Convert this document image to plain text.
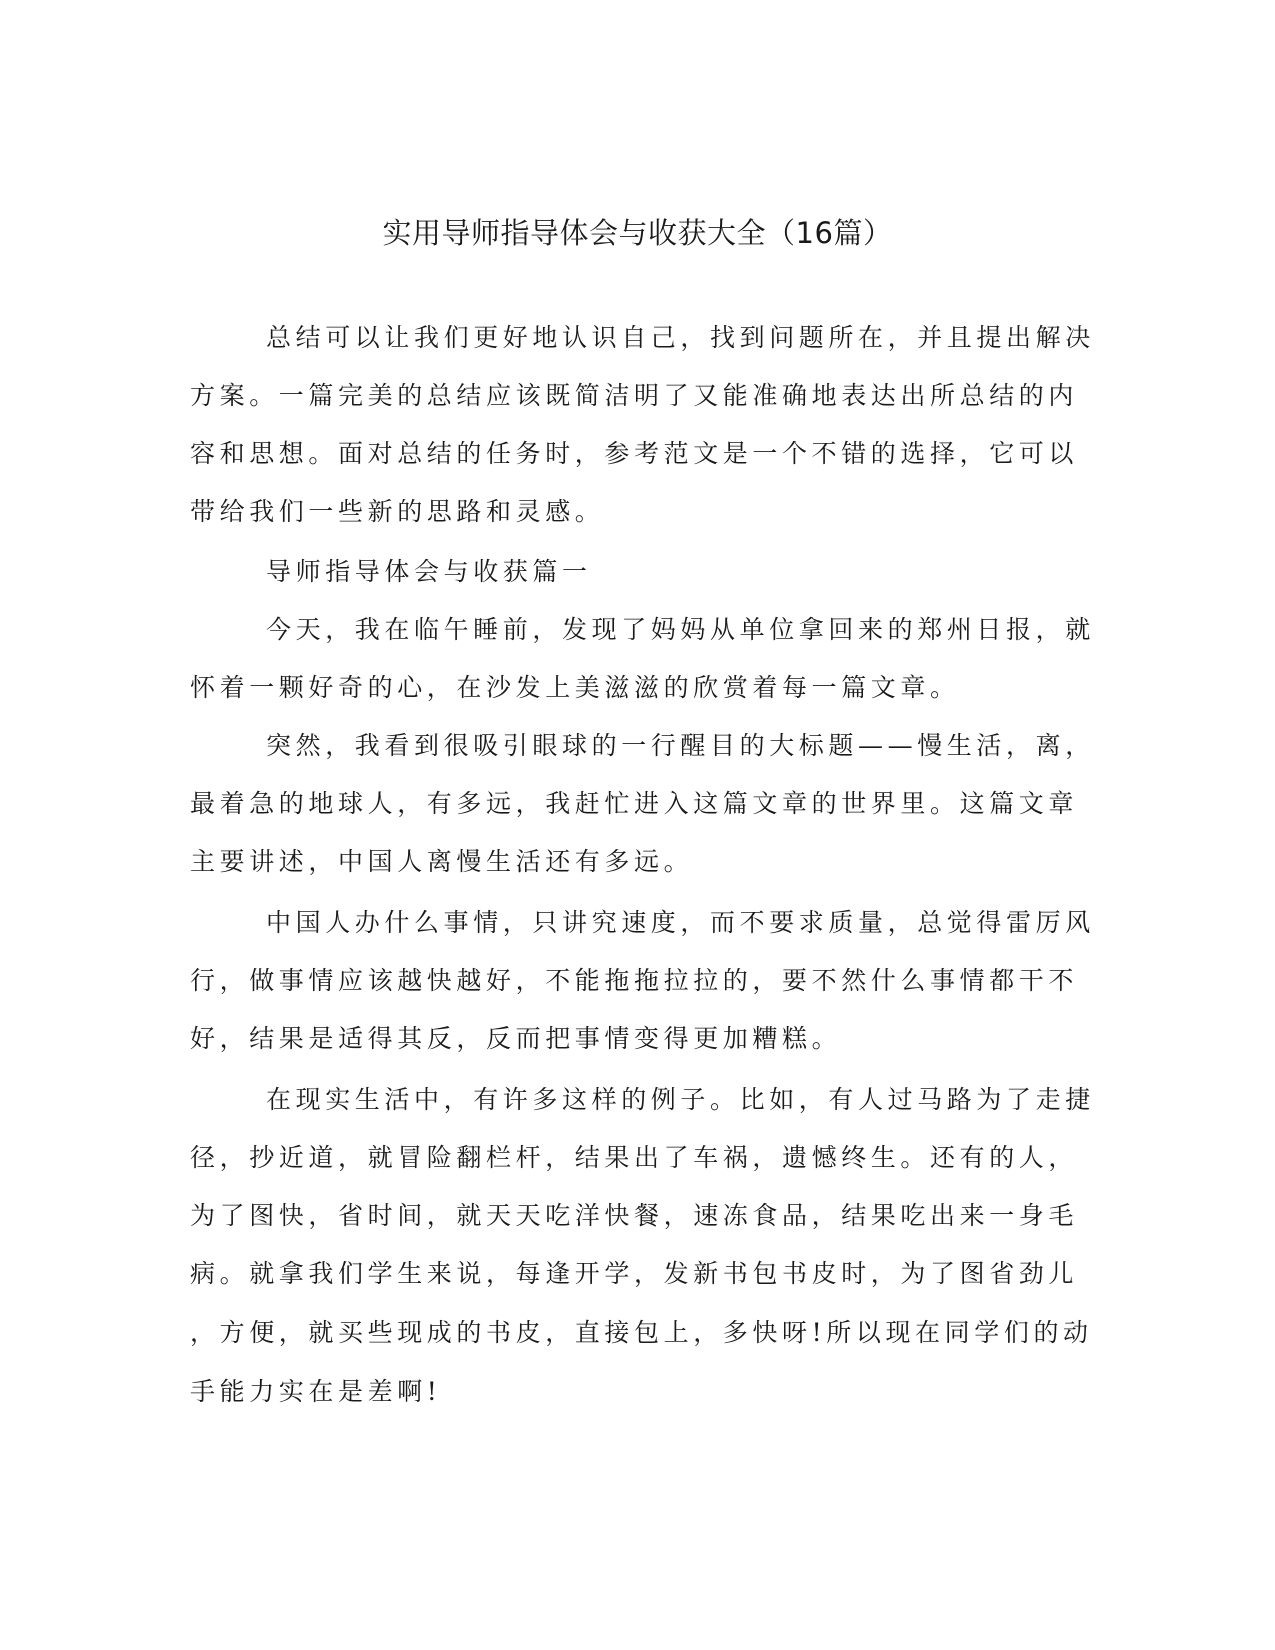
实用导师指导体会与收获大全（16篇）

总结可以让我们更好地认识自己，找到问题所在，并且提出解决

方案。一篇完美的总结应该既简洁明了又能准确地表达出所总结的内

容和思想。面对总结的任务时，参考范文是一个不错的选择，它可以

带给我们一些新的思路和灵感。

导师指导体会与收获篇一

今天，我在临午睡前，发现了妈妈从单位拿回来的郑州日报，就

怀着一颗好奇的心，在沙发上美滋滋的欣赏着每一篇文章。

突然，我看到很吸引眼球的一行醒目的大标题——慢生活，离，

最着急的地球人，有多远，我赶忙进入这篇文章的世界里。这篇文章

主要讲述，中国人离慢生活还有多远。

中国人办什么事情，只讲究速度，而不要求质量，总觉得雷厉风

行，做事情应该越快越好，不能拖拖拉拉的，要不然什么事情都干不

好，结果是适得其反，反而把事情变得更加糟糕。

在现实生活中，有许多这样的例子。比如，有人过马路为了走捷

径，抄近道，就冒险翻栏杆，结果出了车祸，遗憾终生。还有的人，

为了图快，省时间，就天天吃洋快餐，速冻食品，结果吃出来一身毛

病。就拿我们学生来说，每逢开学，发新书包书皮时，为了图省劲儿

，方便，就买些现成的书皮，直接包上，多快呀!所以现在同学们的动

手能力实在是差啊!
